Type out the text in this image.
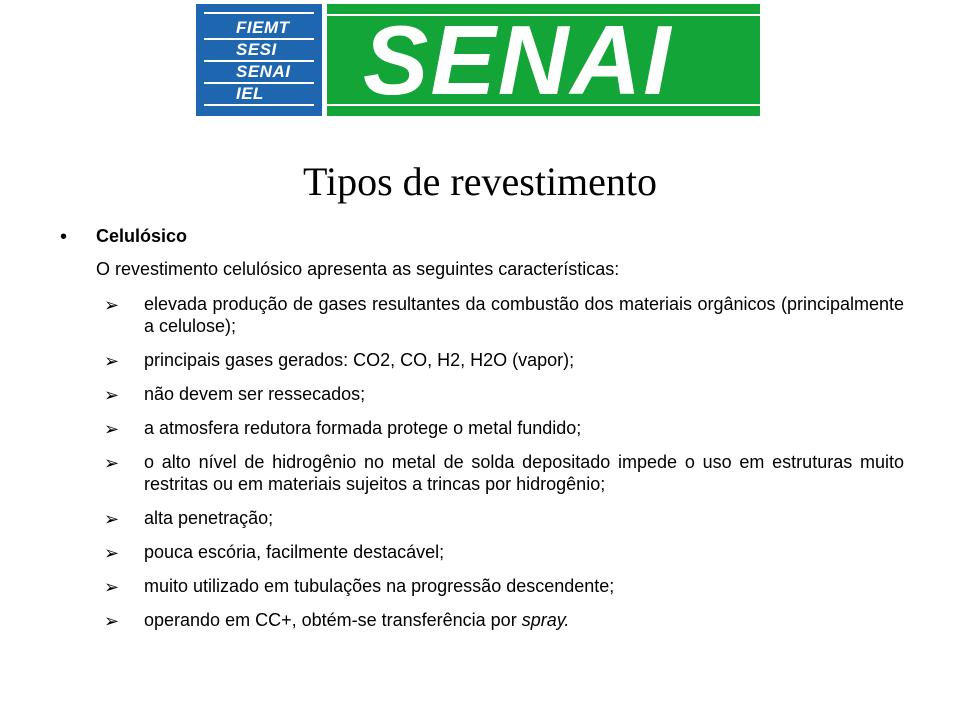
FIEMT
SESI
SENAI
IEL SENAI
Tipos de revestimento
• Celulósico
O revestimento celulósico apresenta as seguintes características:
➢	elevada produção de gases resultantes da combustão dos materiais orgânicos (principalmente a celulose);
➢	principais gases gerados: CO2, CO, H2, H2O (vapor);
➢	não devem ser ressecados;
➢	a atmosfera redutora formada protege o metal fundido;
➢	o alto nível de hidrogênio no metal de solda depositado impede o uso em estruturas muito restritas ou em materiais sujeitos a trincas por hidrogênio;
➢	alta penetração;
➢	pouca escória, facilmente destacável;
➢	muito utilizado em tubulações na progressão descendente;
➢	operando em CC+, obtém-se transferência por spray.
